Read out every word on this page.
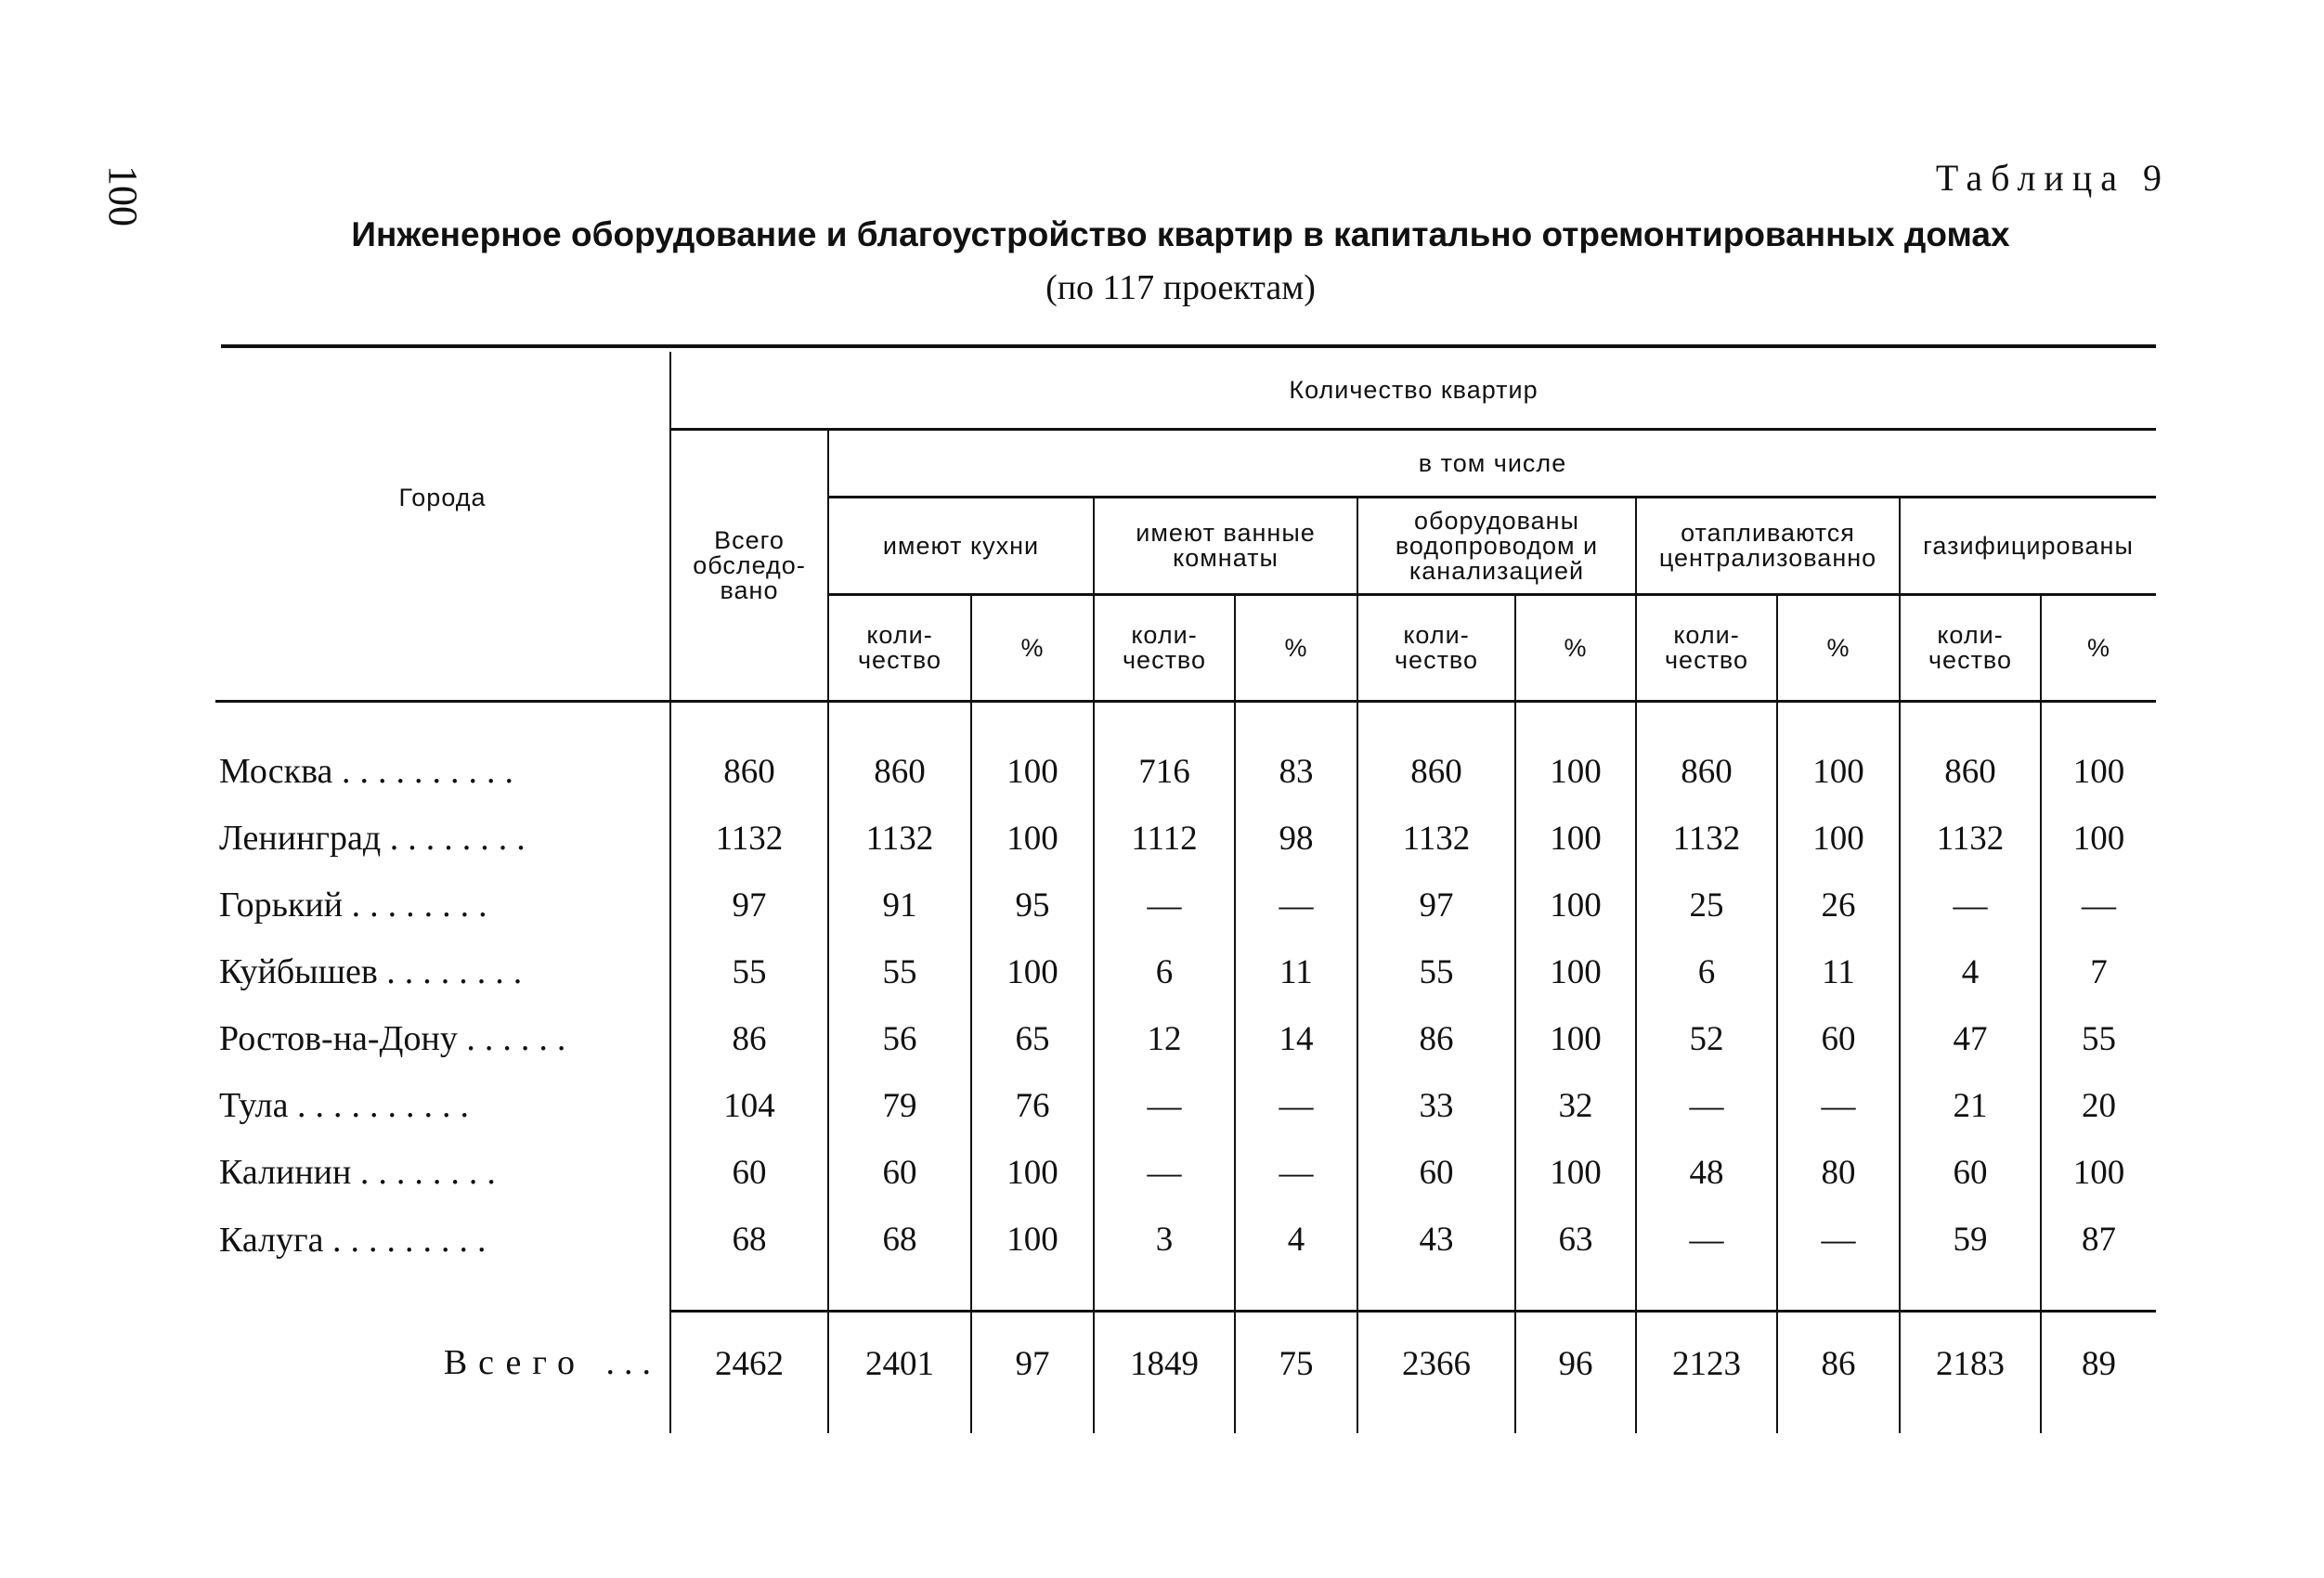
100	Таблица 9
Инженерное оборудование и благоустройство квартир в капитально отремонтированных домах
(по 117 проектам)
Города	Количество квартир										
	Всего обследо-вано	в том числе									
		имеют кухни		имеют ванные комнаты		оборудованы водопроводом и канализацией		отапливаются централизованно		газифицированы	
		коли-чество	%	коли-чество	%	коли-чество	%	коли-чество	%	коли-чество	%
Москва ..........	860	860	100	716	83	860	100	860	100	860	100
Ленинград ........	1132	1132	100	1112	98	1132	100	1132	100	1132	100
Горький ........	97	91	95	—	—	97	100	25	26	—	—
Куйбышев ........	55	55	100	6	11	55	100	6	11	4	7
Ростов-на-Дону ......	86	56	65	12	14	86	100	52	60	47	55
Тула ..........	104	79	76	—	—	33	32	—	—	21	20
Калинин ........	60	60	100	—	—	60	100	48	80	60	100
Калуга .........	68	68	100	3	4	43	63	—	—	59	87
Всего ...	2462	2401	97	1849	75	2366	96	2123	86	2183	89
